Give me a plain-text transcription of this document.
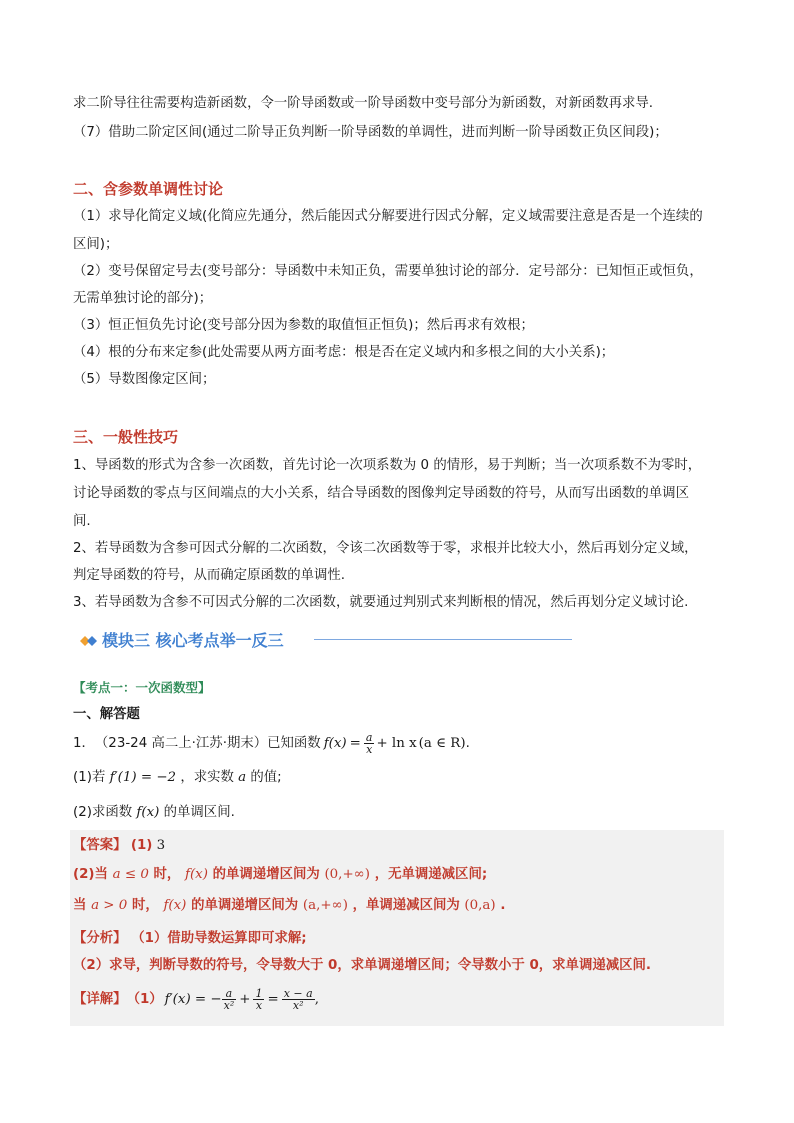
求二阶导往往需要构造新函数，令一阶导函数或一阶导函数中变号部分为新函数，对新函数再求导.
（7）借助二阶定区间(通过二阶导正负判断一阶导函数的单调性，进而判断一阶导函数正负区间段)；
二、含参数单调性讨论
（1）求导化简定义域(化简应先通分，然后能因式分解要进行因式分解，定义域需要注意是否是一个连续的
区间)；
（2）变号保留定号去(变号部分：导函数中未知正负，需要单独讨论的部分．定号部分：已知恒正或恒负，
无需单独讨论的部分)；
（3）恒正恒负先讨论(变号部分因为参数的取值恒正恒负)；然后再求有效根；
（4）根的分布来定参(此处需要从两方面考虑：根是否在定义域内和多根之间的大小关系)；
（5）导数图像定区间；
三、一般性技巧
1、导函数的形式为含参一次函数，首先讨论一次项系数为 0 的情形，易于判断；当一次项系数不为零时，
讨论导函数的零点与区间端点的大小关系，结合导函数的图像判定导函数的符号，从而写出函数的单调区
间.
2、若导函数为含参可因式分解的二次函数，令该二次函数等于零，求根并比较大小，然后再划分定义域，
判定导函数的符号，从而确定原函数的单调性.
3、若导函数为含参不可因式分解的二次函数，就要通过判别式来判断根的情况，然后再划分定义域讨论.
模块三 核心考点举一反三
【考点一：一次函数型】
一、解答题
1． （23-24 高二上·江苏·期末）已知函数 $f(x) = \frac{a}{x} + \ln x$ (a ∈ R) .
(1)若 f′(1) = −2 ，求实数 a 的值;
(2)求函数 f(x) 的单调区间.
【答案】 (1) 3
(2)当 a ≤ 0 时， f(x) 的单调递增区间为 (0,+∞) ，无单调递减区间;
当 a > 0 时， f(x) 的单调递增区间为 (a,+∞) ，单调递减区间为 (0,a) .
【分析】 （1）借助导数运算即可求解;
（2）求导，判断导数的符号，令导数大于 0，求单调递增区间；令导数小于 0，求单调递减区间.
【详解】 （1） f′(x) = − $\frac{a}{\text{x²}} + \frac{1}{x} = \frac{x - a}{\text{x²}}$ ,
